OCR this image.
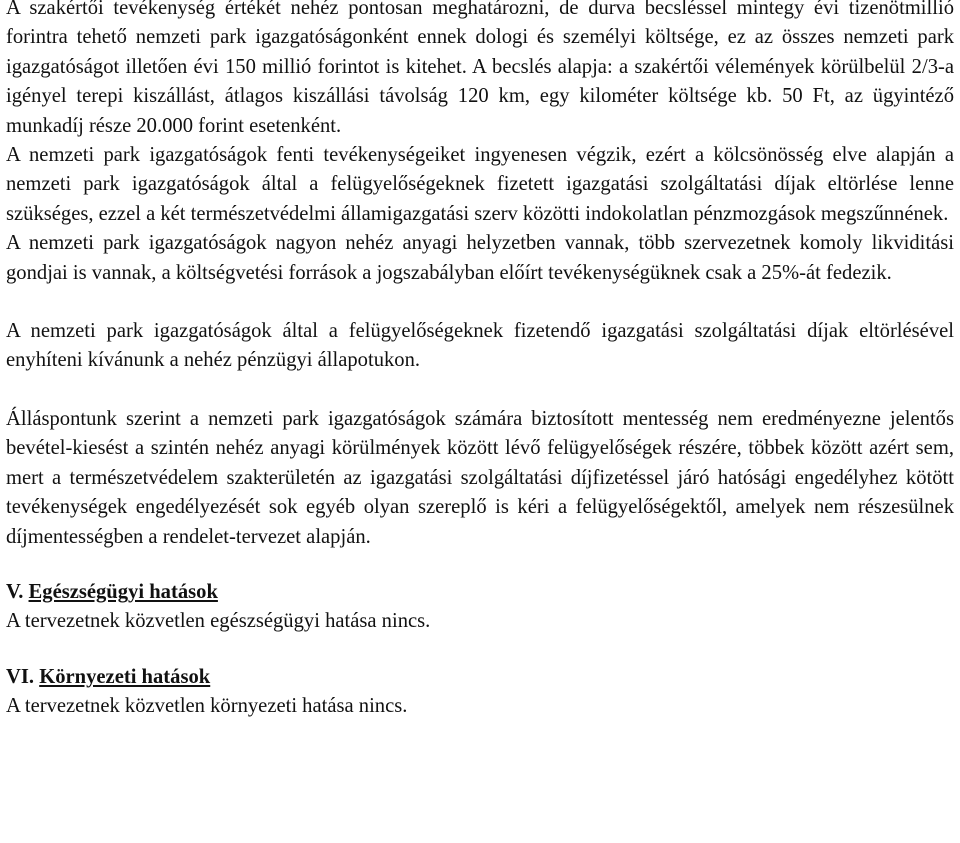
A szakértői tevékenység értékét nehéz pontosan meghatározni, de durva becsléssel mintegy évi tizenötmillió forintra tehető nemzeti park igazgatóságonként ennek dologi és személyi költsége, ez az összes nemzeti park igazgatóságot illetően évi 150 millió forintot is kitehet. A becslés alapja: a szakértői vélemények körülbelül 2/3-a igényel terepi kiszállást, átlagos kiszállási távolság 120 km, egy kilométer költsége kb. 50 Ft, az ügyintéző munkadíj része 20.000 forint esetenként.

A nemzeti park igazgatóságok fenti tevékenységeiket ingyenesen végzik, ezért a kölcsönösség elve alapján a nemzeti park igazgatóságok által a felügyelőségeknek fizetett igazgatási szolgáltatási díjak eltörlése lenne szükséges, ezzel a két természetvédelmi államigazgatási szerv közötti indokolatlan pénzmozgások megszűnnének.

A nemzeti park igazgatóságok nagyon nehéz anyagi helyzetben vannak, több szervezetnek komoly likviditási gondjai is vannak, a költségvetési források a jogszabályban előírt tevékenységüknek csak a 25%-át fedezik.

A nemzeti park igazgatóságok által a felügyelőségeknek fizetendő igazgatási szolgáltatási díjak eltörlésével enyhíteni kívánunk a nehéz pénzügyi állapotukon.

Álláspontunk szerint a nemzeti park igazgatóságok számára biztosított mentesség nem eredményezne jelentős bevétel-kiesést a szintén nehéz anyagi körülmények között lévő felügyelőségek részére, többek között azért sem, mert a természetvédelem szakterületén az igazgatási szolgáltatási díjfizetéssel járó hatósági engedélyhez kötött tevékenységek engedélyezését sok egyéb olyan szereplő is kéri a felügyelőségektől, amelyek nem részesülnek díjmentességben a rendelet-tervezet alapján.

V. Egészségügyi hatások

A tervezetnek közvetlen egészségügyi hatása nincs.

VI. Környezeti hatások

A tervezetnek közvetlen környezeti hatása nincs.
